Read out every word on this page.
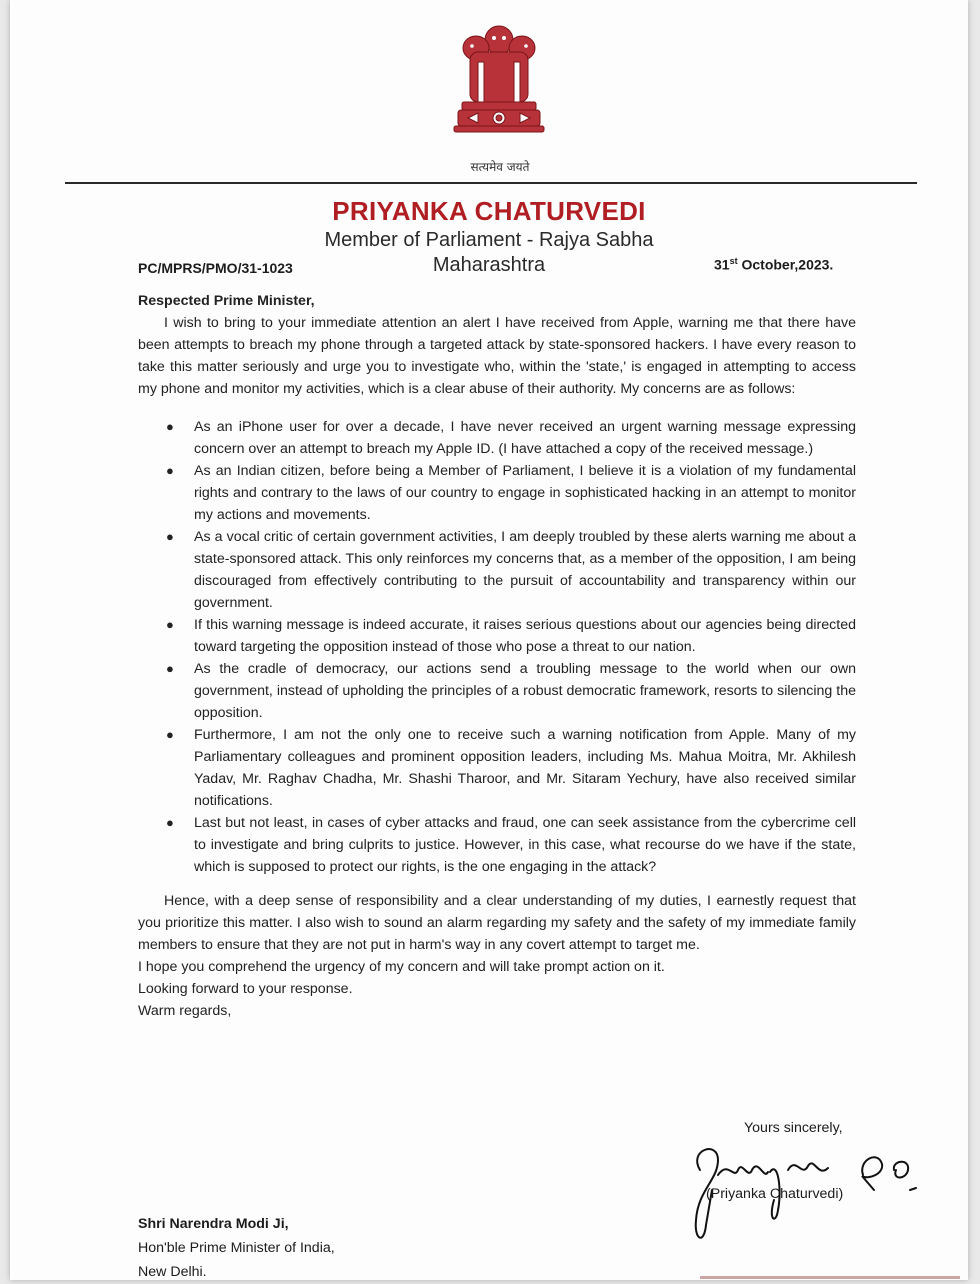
सत्यमेव जयते
PRIYANKA CHATURVEDI
Member of Parliament - Rajya Sabha
Maharashtra
PC/MPRS/PMO/31-1023	31st October,2023.

Respected Prime Minister,

I wish to bring to your immediate attention an alert I have received from Apple, warning me that there have been attempts to breach my phone through a targeted attack by state-sponsored hackers. I have every reason to take this matter seriously and urge you to investigate who, within the 'state,' is engaged in attempting to access my phone and monitor my activities, which is a clear abuse of their authority. My concerns are as follows:

● As an iPhone user for over a decade, I have never received an urgent warning message expressing concern over an attempt to breach my Apple ID. (I have attached a copy of the received message.)
● As an Indian citizen, before being a Member of Parliament, I believe it is a violation of my fundamental rights and contrary to the laws of our country to engage in sophisticated hacking in an attempt to monitor my actions and movements.
● As a vocal critic of certain government activities, I am deeply troubled by these alerts warning me about a state-sponsored attack. This only reinforces my concerns that, as a member of the opposition, I am being discouraged from effectively contributing to the pursuit of accountability and transparency within our government.
● If this warning message is indeed accurate, it raises serious questions about our agencies being directed toward targeting the opposition instead of those who pose a threat to our nation.
● As the cradle of democracy, our actions send a troubling message to the world when our own government, instead of upholding the principles of a robust democratic framework, resorts to silencing the opposition.
● Furthermore, I am not the only one to receive such a warning notification from Apple. Many of my Parliamentary colleagues and prominent opposition leaders, including Ms. Mahua Moitra, Mr. Akhilesh Yadav, Mr. Raghav Chadha, Mr. Shashi Tharoor, and Mr. Sitaram Yechury, have also received similar notifications.
● Last but not least, in cases of cyber attacks and fraud, one can seek assistance from the cybercrime cell to investigate and bring culprits to justice. However, in this case, what recourse do we have if the state, which is supposed to protect our rights, is the one engaging in the attack?

Hence, with a deep sense of responsibility and a clear understanding of my duties, I earnestly request that you prioritize this matter. I also wish to sound an alarm regarding my safety and the safety of my immediate family members to ensure that they are not put in harm's way in any covert attempt to target me.

I hope you comprehend the urgency of my concern and will take prompt action on it.

Looking forward to your response.

Warm regards,

Yours sincerely,
(Priyanka Chaturvedi)
Shri Narendra Modi Ji,
Hon'ble Prime Minister of India,
New Delhi.
